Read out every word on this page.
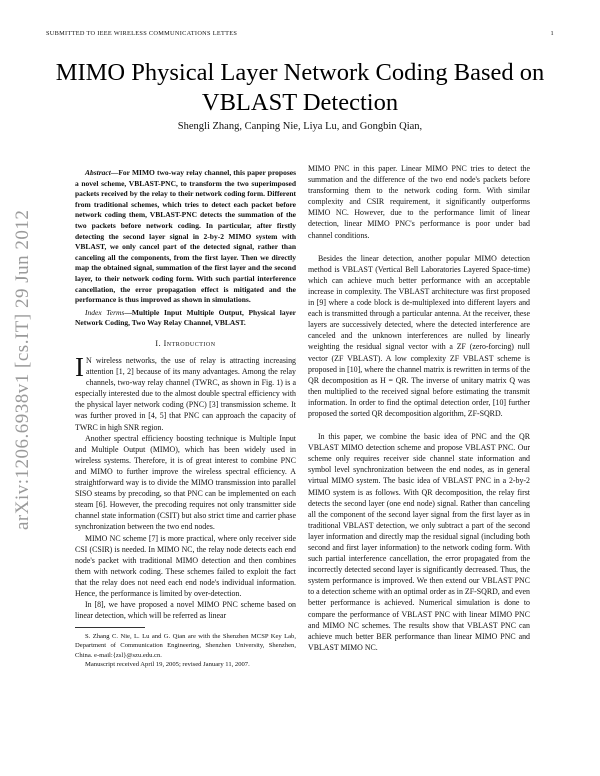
SUBMITTED TO IEEE WIRELESS COMMUNICATIONS LETTES	1
MIMO Physical Layer Network Coding Based on VBLAST Detection
Shengli Zhang, Canping Nie, Liya Lu, and Gongbin Qian,
arXiv:1206.6938v1 [cs.IT] 29 Jun 2012
Abstract—For MIMO two-way relay channel, this paper proposes a novel scheme, VBLAST-PNC, to transform the two superimposed packets received by the relay to their network coding form. Different from traditional schemes, which tries to detect each packet before network coding them, VBLAST-PNC detects the summation of the two packets before network coding. In particular, after firstly detecting the second layer signal in 2-by-2 MIMO system with VBLAST, we only cancel part of the detected signal, rather than canceling all the components, from the first layer. Then we directly map the obtained signal, summation of the first layer and the second layer, to their network coding form. With such partial interference cancellation, the error propagation effect is mitigated and the performance is thus improved as shown in simulations.
Index Terms—Multiple Input Multiple Output, Physical layer Network Coding, Two Way Relay Channel, VBLAST.
I. Introduction

I N wireless networks, the use of relay is attracting increasing attention [1, 2] because of its many advantages. Among the relay channels, two-way relay channel (TWRC, as shown in Fig. 1) is a especially interested due to the almost double spectral efficiency with the physical layer network coding (PNC) [3] transmission scheme. It was further proved in [4, 5] that PNC can approach the capacity of TWRC in high SNR region.

Another spectral efficiency boosting technique is Multiple Input and Multiple Output (MIMO), which has been widely used in wireless systems. Therefore, it is of great interest to combine PNC and MIMO to further improve the wireless spectral efficiency. A straightforward way is to divide the MIMO transmission into parallel SISO steams by precoding, so that PNC can be implemented on each steam [6]. However, the precoding requires not only transmitter side channel state information (CSIT) but also strict time and carrier phase synchronization between the two end nodes.

MIMO NC scheme [7] is more practical, where only receiver side CSI (CSIR) is needed. In MIMO NC, the relay node detects each end node's packet with traditional MIMO detection and then combines them with network coding. These schemes failed to exploit the fact that the relay does not need each end node's individual information. Hence, the performance is limited by over-detection.

In [8], we have proposed a novel MIMO PNC scheme based on linear detection, which will be referred as linear

S. Zhang C. Nie, L. Lu and G. Qian are with the Shenzhen MCSP Key Lab, Department of Communication Engineering, Shenzhen University, Shenzhen, China. e-mail:{zsl}@szu.edu.cn.

Manuscript received April 19, 2005; revised January 11, 2007.

MIMO PNC in this paper. Linear MIMO PNC tries to detect the summation and the difference of the two end node's packets before transforming them to the network coding form. With similar complexity and CSIR requirement, it significantly outperforms MIMO NC. However, due to the performance limit of linear detection, linear MIMO PNC's performance is poor under bad channel conditions.

Besides the linear detection, another popular MIMO detection method is VBLAST (Vertical Bell Laboratories Layered Space-time) which can achieve much better performance with an acceptable increase in complexity. The VBLAST architecture was first proposed in [9] where a code block is de-multiplexed into different layers and each is transmitted through a particular antenna. At the receiver, these layers are successively detected, where the detected interference are canceled and the unknown interferences are nulled by linearly weighting the residual signal vector with a ZF (zero-forcing) null vector (ZF VBLAST). A low complexity ZF VBLAST scheme is proposed in [10], where the channel matrix is rewritten in terms of the QR decomposition as H = QR. The inverse of unitary matrix Q was then multiplied to the received signal before estimating the transmit information. In order to find the optimal detection order, [10] further proposed the sorted QR decomposition algorithm, ZF-SQRD.

In this paper, we combine the basic idea of PNC and the QR VBLAST MIMO detection scheme and propose VBLAST PNC. Our scheme only requires receiver side channel state information and symbol level synchronization between the end nodes, as in general virtual MIMO system. The basic idea of VBLAST PNC in a 2-by-2 MIMO system is as follows. With QR decomposition, the relay first detects the second layer (one end node) signal. Rather than canceling all the component of the second layer signal from the first layer as in traditional VBLAST detection, we only subtract a part of the second layer information and directly map the residual signal (including both second and first layer information) to the network coding form. With such partial interference cancellation, the error propagated from the incorrectly detected second layer is significantly decreased. Thus, the system performance is improved. We then extend our VBLAST PNC to a detection scheme with an optimal order as in ZF-SQRD, and even better performance is achieved. Numerical simulation is done to compare the performance of VBLAST PNC with linear MIMO PNC and MIMO NC schemes. The results show that VBLAST PNC can achieve much better BER performance than linear MIMO PNC and VBLAST MIMO NC.
